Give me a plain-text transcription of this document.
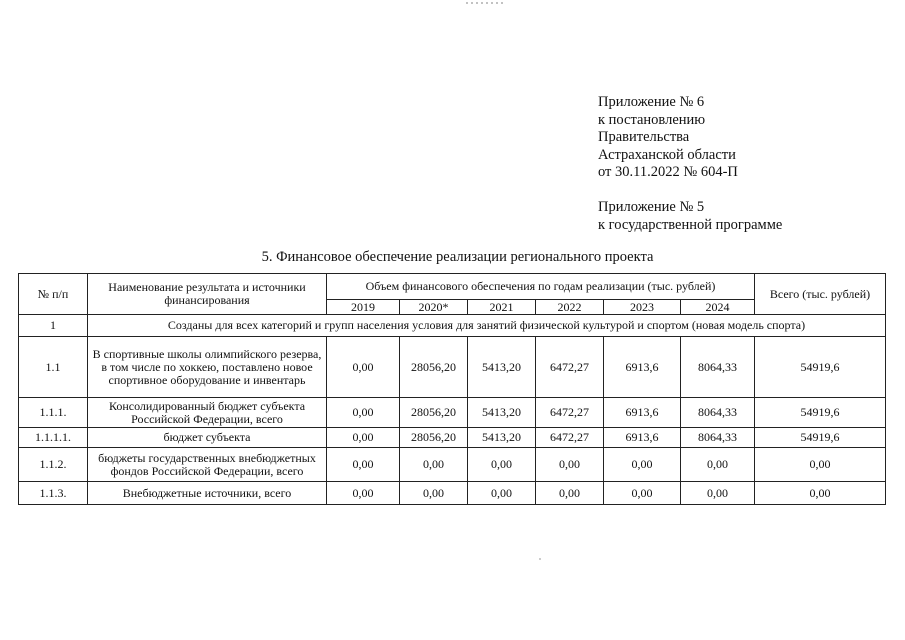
Приложение № 6
к постановлению
Правительства
Астраханской области
от 30.11.2022 № 604-П
Приложение № 5
к государственной программе
5. Финансовое обеспечение реализации регионального проекта
№ п/п	Наименование результата и источники финансирования	Объем финансового обеспечения по годам реализации (тыс. рублей)						Всего (тыс. рублей)
		2019	2020*	2021	2022	2023	2024	
1	Созданы для всех категорий и групп населения условия для занятий физической культурой и спортом (новая модель спорта)							
1.1	В спортивные школы олимпийского резерва, в том числе по хоккею, поставлено новое спортивное оборудование и инвентарь	0,00	28056,20	5413,20	6472,27	6913,6	8064,33	54919,6
1.1.1.	Консолидированный бюджет субъекта Российской Федерации, всего	0,00	28056,20	5413,20	6472,27	6913,6	8064,33	54919,6
1.1.1.1.	бюджет субъекта	0,00	28056,20	5413,20	6472,27	6913,6	8064,33	54919,6
1.1.2.	бюджеты государственных внебюджетных фондов Российской Федерации, всего	0,00	0,00	0,00	0,00	0,00	0,00	0,00
1.1.3.	Внебюджетные источники, всего	0,00	0,00	0,00	0,00	0,00	0,00	0,00
